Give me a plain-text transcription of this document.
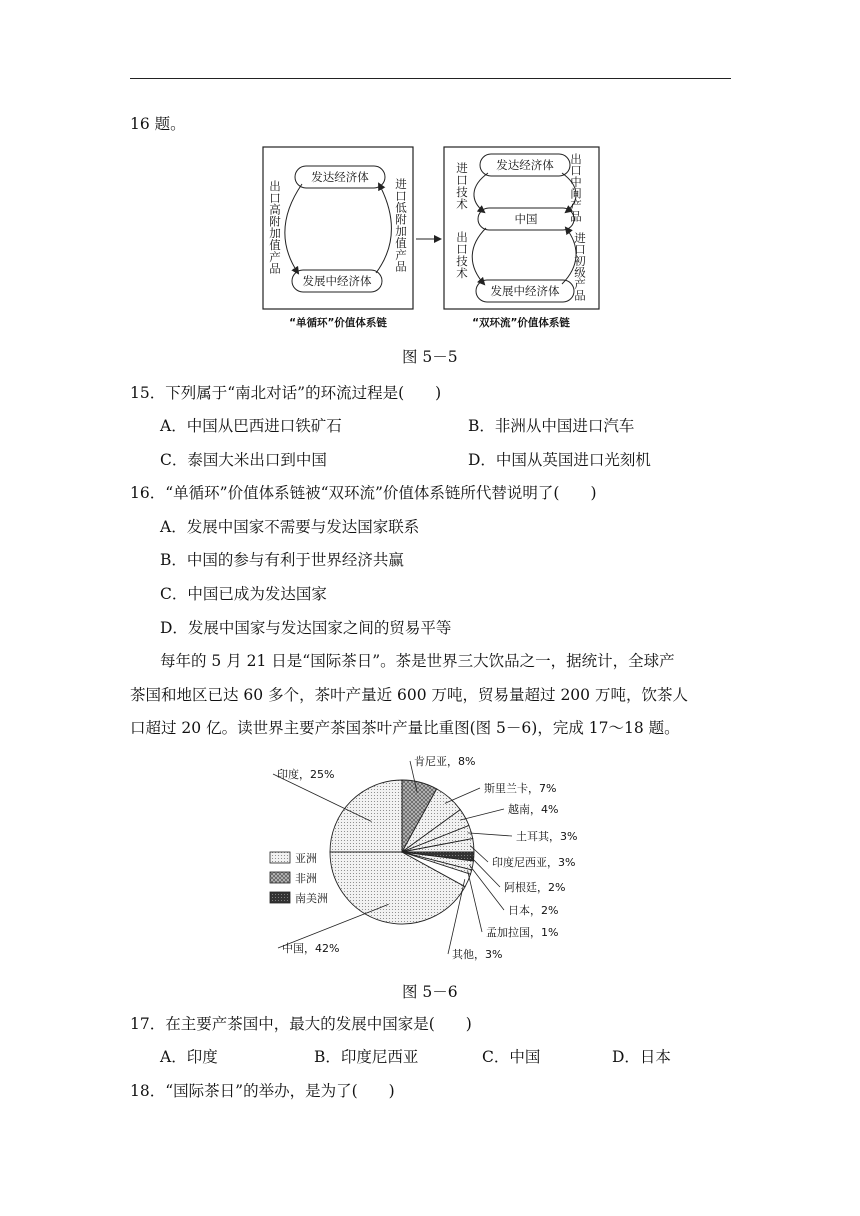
16 题。
发达经济体
发展中经济体
出
口
高
附
加
值
产
品
进
口
低
附
加
值
产
品
发达经济体
中国
发展中经济体
进
口
技
术
出
口
技
术
出
口
中
间
产
品
进
口
初
级
产
品
“单循环”价值体系链	“双环流”价值体系链
图 5－5
15．下列属于“南北对话”的环流过程是(　　)
A．中国从巴西进口铁矿石	B．非洲从中国进口汽车
C．泰国大米出口到中国	D．中国从英国进口光刻机
16．“单循环”价值体系链被“双环流”价值体系链所代替说明了(　　)
A．发展中国家不需要与发达国家联系
B．中国的参与有利于世界经济共赢
C．中国已成为发达国家
D．发展中国家与发达国家之间的贸易平等
每年的 5 月 21 日是“国际茶日”。茶是世界三大饮品之一，据统计，全球产
茶国和地区已达 60 多个，茶叶产量近 600 万吨，贸易量超过 200 万吨，饮茶人
口超过 20 亿。读世界主要产茶国茶叶产量比重图(图 5－6)，完成 17～18 题。
中国，42%
印度，25%
肯尼亚，8%
斯里兰卡，7%
越南，4%
土耳其，3%
印度尼西亚，3%
阿根廷，2%
日本，2%
孟加拉国，1%
其他，3%
亚洲
非洲
南美洲
图 5－6
17．在主要产茶国中，最大的发展中国家是(　　)
A．印度	B．印度尼西亚	C．中国	D．日本
18．“国际茶日”的举办，是为了(　　)
